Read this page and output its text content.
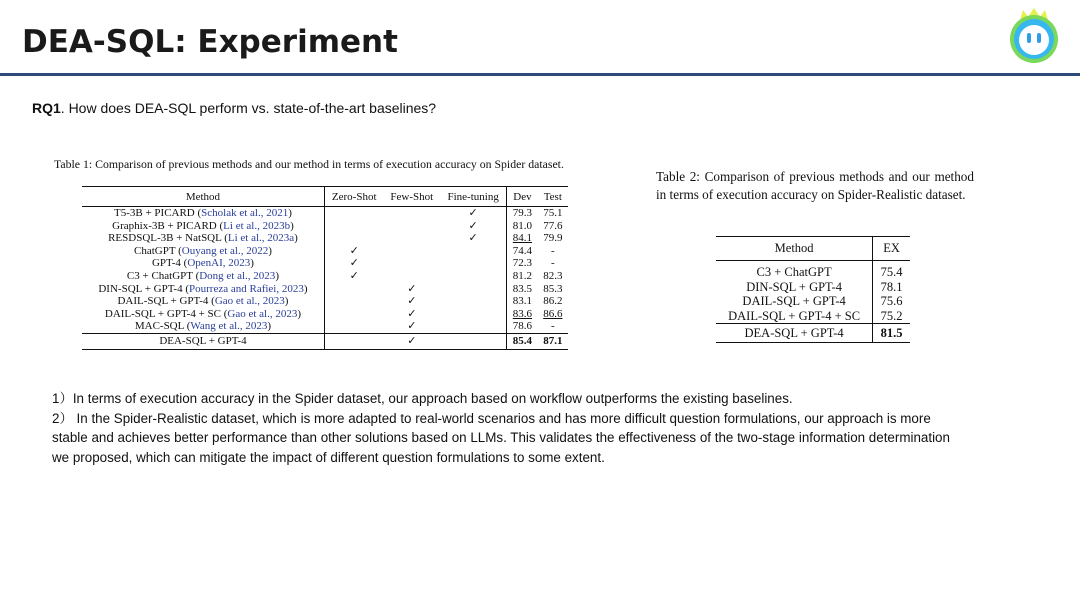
DEA-SQL: Experiment
RQ1. How does DEA-SQL perform vs. state-of-the-art baselines?
Table 1: Comparison of previous methods and our method in terms of execution accuracy on Spider dataset.
Method	Zero-Shot	Few-Shot	Fine-tuning	Dev	Test
T5-3B + PICARD (Scholak et al., 2021)			✓	79.3	75.1
Graphix-3B + PICARD (Li et al., 2023b)			✓	81.0	77.6
RESDSQL-3B + NatSQL (Li et al., 2023a)			✓	84.1	79.9
ChatGPT (Ouyang et al., 2022)	✓			74.4	-
GPT-4 (OpenAI, 2023)	✓			72.3	-
C3 + ChatGPT (Dong et al., 2023)	✓			81.2	82.3
DIN-SQL + GPT-4 (Pourreza and Rafiei, 2023)		✓		83.5	85.3
DAIL-SQL + GPT-4 (Gao et al., 2023)		✓		83.1	86.2
DAIL-SQL + GPT-4 + SC (Gao et al., 2023)		✓		83.6	86.6
MAC-SQL (Wang et al., 2023)		✓		78.6	-
DEA-SQL + GPT-4		✓		85.4	87.1
Table 2: Comparison of previous methods and our method in terms of execution accuracy on Spider-Realistic dataset.
Method	EX
C3 + ChatGPT	75.4
DIN-SQL + GPT-4	78.1
DAIL-SQL + GPT-4	75.6
DAIL-SQL + GPT-4 + SC	75.2
DEA-SQL + GPT-4	81.5

1）In terms of execution accuracy in the Spider dataset, our approach based on workflow outperforms the existing baselines.

2） In the Spider-Realistic dataset, which is more adapted to real-world scenarios and has more difficult question formulations, our approach is more stable and achieves better performance than other solutions based on LLMs. This validates the effectiveness of the two-stage information determination we proposed, which can mitigate the impact of different question formulations to some extent.
